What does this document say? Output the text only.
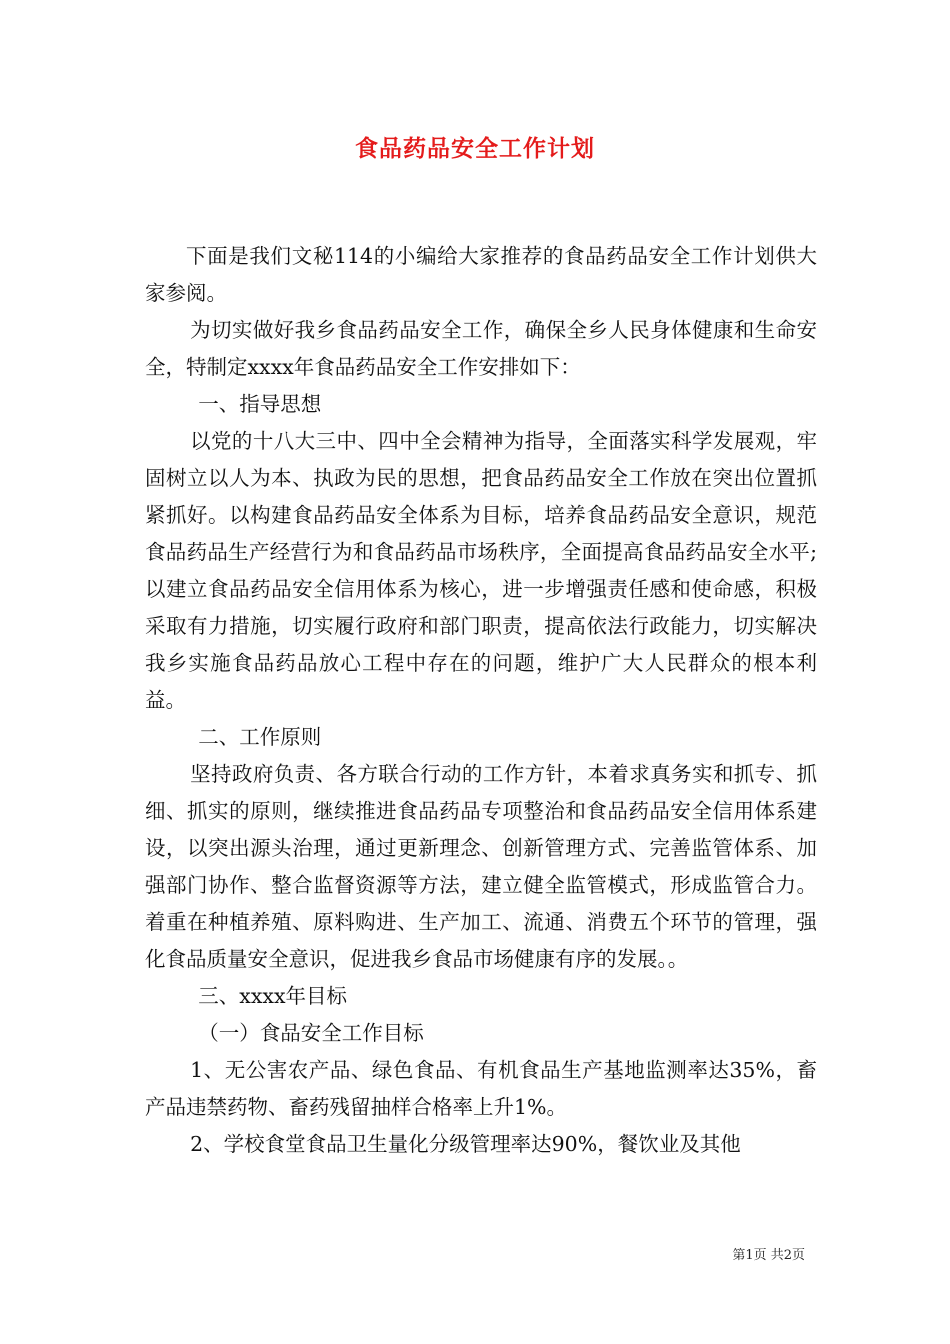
食品药品安全工作计划

下面是我们文秘114的小编给大家推荐的食品药品安全工作计划供大家参阅。

为切实做好我乡食品药品安全工作，确保全乡人民身体健康和生命安全，特制定xxxx年食品药品安全工作安排如下：

一、指导思想

以党的十八大三中、四中全会精神为指导，全面落实科学发展观，牢固树立以人为本、执政为民的思想，把食品药品安全工作放在突出位置抓紧抓好。以构建食品药品安全体系为目标，培养食品药品安全意识，规范食品药品生产经营行为和食品药品市场秩序，全面提高食品药品安全水平;以建立食品药品安全信用体系为核心，进一步增强责任感和使命感，积极采取有力措施，切实履行政府和部门职责，提高依法行政能力，切实解决我乡实施食品药品放心工程中存在的问题，维护广大人民群众的根本利益。

二、工作原则

坚持政府负责、各方联合行动的工作方针，本着求真务实和抓专、抓细、抓实的原则，继续推进食品药品专项整治和食品药品安全信用体系建设，以突出源头治理，通过更新理念、创新管理方式、完善监管体系、加强部门协作、整合监督资源等方法，建立健全监管模式，形成监管合力。着重在种植养殖、原料购进、生产加工、流通、消费五个环节的管理，强化食品质量安全意识，促进我乡食品市场健康有序的发展。。

三、xxxx年目标

（一）食品安全工作目标

1、无公害农产品、绿色食品、有机食品生产基地监测率达35%，畜产品违禁药物、畜药残留抽样合格率上升1%。

2、学校食堂食品卫生量化分级管理率达90%，餐饮业及其他

第1页 共2页
